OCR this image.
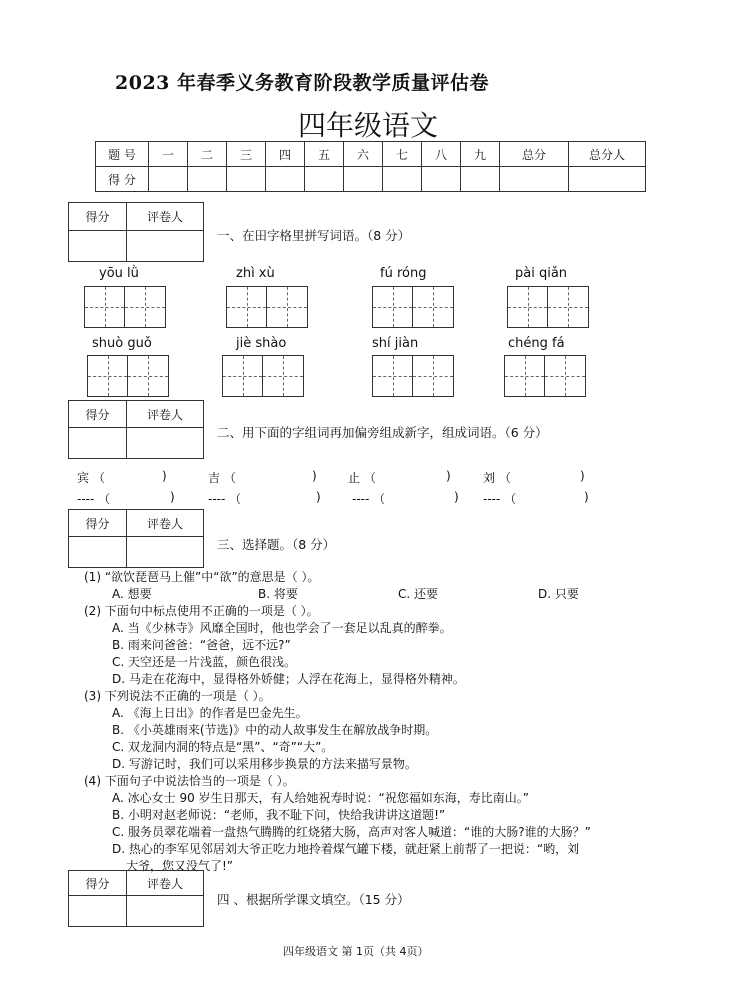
2023 年春季义务教育阶段教学质量评估卷
四年级语文
题 号	一	二	三	四	五	六	七	八	九	总分	总分人
得 分											
得分	评卷人

一、在田字格里拼写词语。（8 分）
yōu lǜ	zhì xù	fú róng	pài qiǎn
shuò guǒ	jiè shào	shí jiàn	chéng fá
得分	评卷人

二、用下面的字组词再加偏旁组成新字，组成词语。（6 分）
宾 （	)	吉 （	)	止 （	)	刘 （	)
---- （	)	---- （	)	---- （	) ---- （	)
得分	评卷人

三、选择题。（8 分）
(1) “欲饮琵琶马上催”中“欲”的意思是（ ）。
A. 想要	B. 将要	C. 还要	D. 只要
(2) 下面句中标点使用不正确的一项是（ ）。
A. 当《少林寺》风靡全国时，他也学会了一套足以乱真的醉拳。
B. 雨来问爸爸：“爸爸，远不远?”
C. 天空还是一片浅蓝，颜色很浅。
D. 马走在花海中，显得格外娇健；人浮在花海上，显得格外精神。
(3) 下列说法不正确的一项是（ ）。
A. 《海上日出》的作者是巴金先生。
B. 《小英雄雨来(节选)》中的动人故事发生在解放战争时期。
C. 双龙洞内洞的特点是“黑”、“奇”“大”。
D. 写游记时，我们可以采用移步换景的方法来描写景物。
(4) 下面句子中说法恰当的一项是（ ）。
A. 冰心女士 90 岁生日那天，有人给她祝寿时说：“祝您福如东海，寿比南山。”
B. 小明对赵老师说：“老师，我不耻下问，快给我讲讲这道题!”
C. 服务员翠花端着一盘热气腾腾的红烧猪大肠，高声对客人喊道：“谁的大肠?谁的大肠？”
D. 热心的李军见邻居刘大爷正吃力地拎着煤气罐下楼，就赶紧上前帮了一把说：“哟，刘
大爷，您又没气了!”
得分	评卷人

四 、根据所学课文填空。（15 分）
四年级语文 第 1页（共 4页）
